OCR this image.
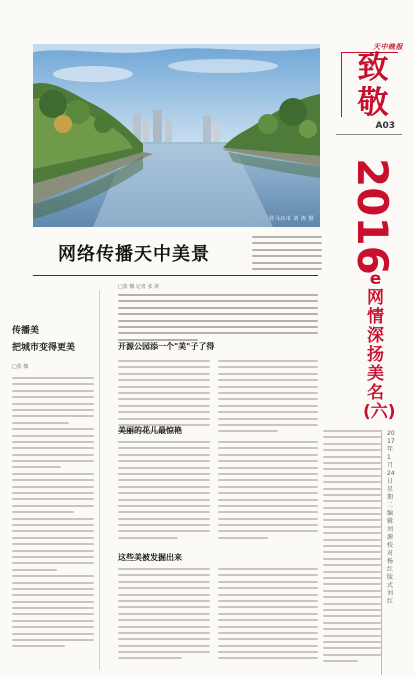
驻马店市 刘 涛 摄
天中晚报
致敬
A03
2016
e网情深扬美名(六)
2017年1月24日 星期二 编辑 刘 源 校对 杨 红 版式 刘 红
网络传播天中美景
传播美
把城市变得更美
□张 娜
□张 娜 记者 张 涛
开源公园添一个"美"子了得
美丽的花儿最惊艳
这些美被发掘出来
